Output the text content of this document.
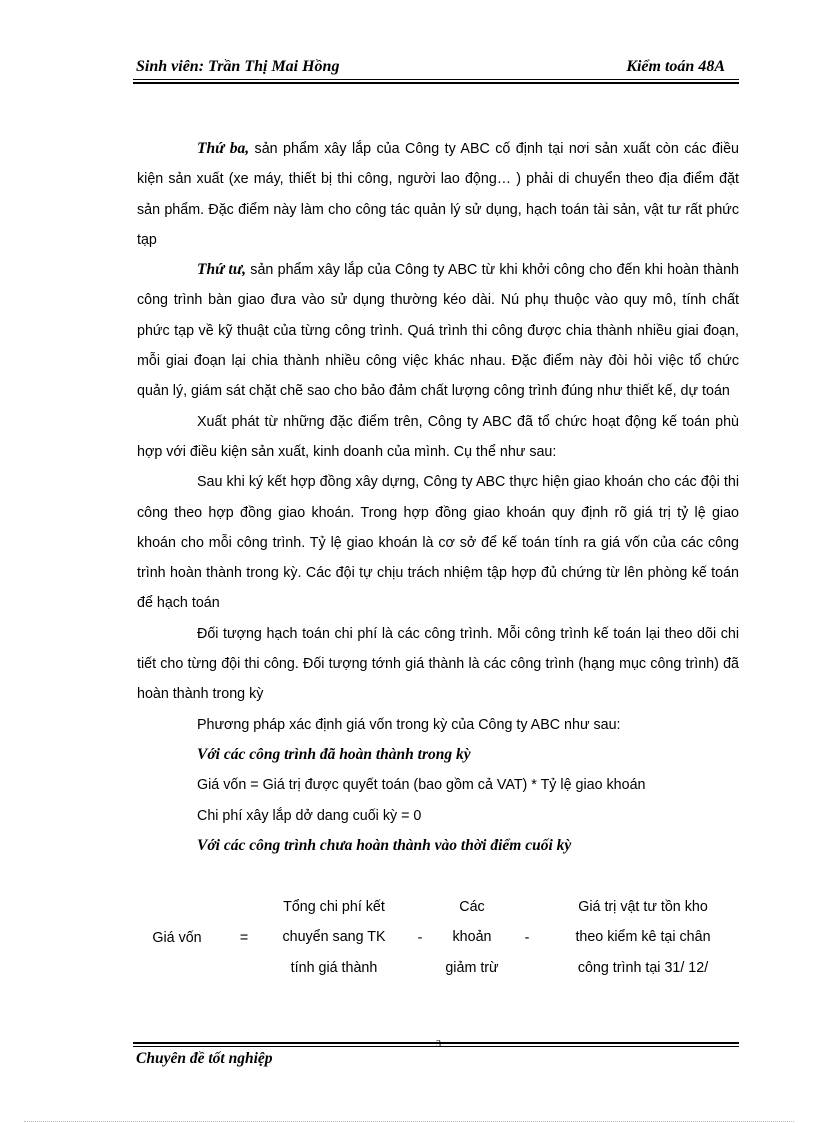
Sinh viên: Trần Thị Mai Hồng	Kiểm toán 48A

Thứ ba, sản phẩm xây lắp của Công ty ABC cố định tại nơi sản xuất còn các điều kiện sản xuất (xe máy, thiết bị thi công, người lao động… ) phải di chuyển theo địa điểm đặt sản phẩm. Đặc điểm này làm cho công tác quản lý sử dụng, hạch toán tài sản, vật tư rất phức tạp

Thứ tư, sản phẩm xây lắp của Công ty ABC từ khi khởi công cho đến khi hoàn thành công trình bàn giao đưa vào sử dụng thường kéo dài. Nú phụ thuộc vào quy mô, tính chất phức tạp về kỹ thuật của từng công trình. Quá trình thi công được chia thành nhiều giai đoạn, mỗi giai đoạn lại chia thành nhiều công việc khác nhau. Đặc điểm này đòi hỏi việc tổ chức quản lý, giám sát chặt chẽ sao cho bảo đảm chất lượng công trình đúng như thiết kế, dự toán

Xuất phát từ những đặc điểm trên, Công ty ABC đã tổ chức hoạt động kế toán phù hợp với điều kiện sản xuất, kinh doanh của mình. Cụ thể như sau:

Sau khi ký kết hợp đồng xây dựng, Công ty ABC thực hiện giao khoán cho các đội thi công theo hợp đồng giao khoán. Trong hợp đồng giao khoán quy định rõ giá trị tỷ lệ giao khoán cho mỗi công trình. Tỷ lệ giao khoán là cơ sở để kế toán tính ra giá vốn của các công trình hoàn thành trong kỳ. Các đội tự chịu trách nhiệm tập hợp đủ chứng từ lên phòng kế toán để hạch toán

Đối tượng hạch toán chi phí là các công trình. Mỗi công trình kế toán lại theo dõi chi tiết cho từng đội thi công. Đối tượng tớnh giá thành là các công trình (hạng mục công trình) đã hoàn thành trong kỳ

Phương pháp xác định giá vốn trong kỳ của Công ty ABC như sau:

Với các công trình đã hoàn thành trong kỳ

Giá vốn = Giá trị được quyết toán (bao gồm cả VAT) * Tỷ lệ giao khoán

Chi phí xây lắp dở dang cuối kỳ = 0

Với các công trình chưa hoàn thành vào thời điểm cuối kỳ

Giá vốn	=
Tổng chi phí kết
chuyển sang TK
tính giá thành
-
Các
khoản
giảm trừ
-
Giá trị vật tư tồn kho
theo kiểm kê tại chân
công trình tại 31/ 12/
Chuyên đề tốt nghiệp
3
